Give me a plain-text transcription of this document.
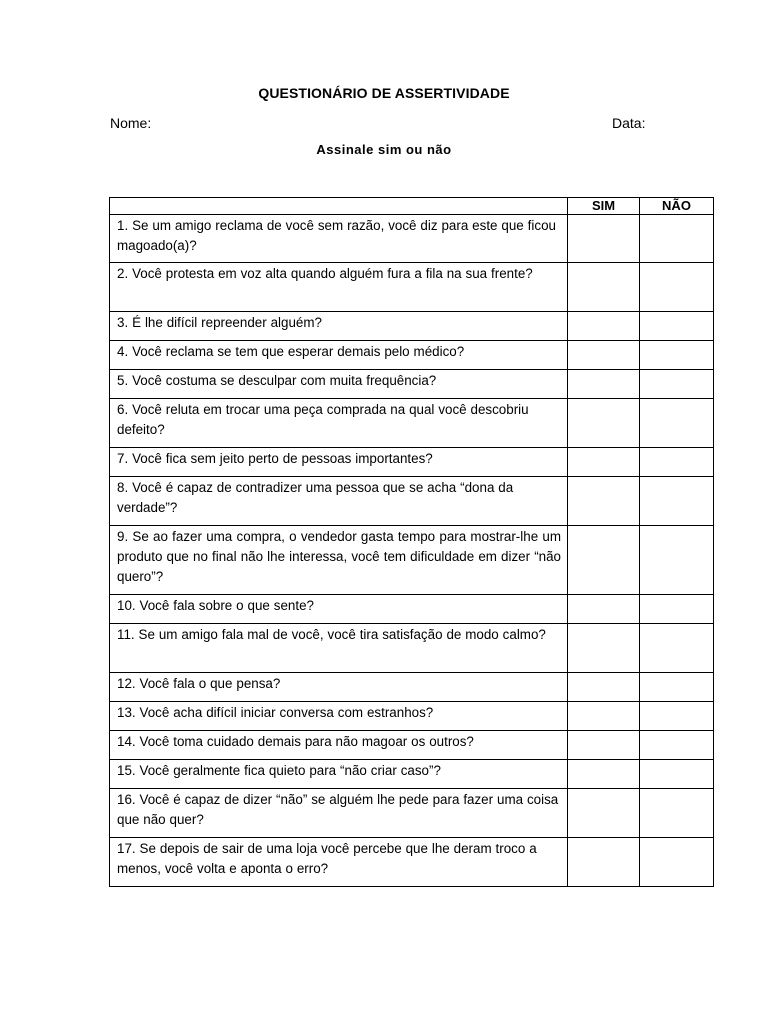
QUESTIONÁRIO DE ASSERTIVIDADE
Nome:	Data:
Assinale sim ou não
	SIM	NÃO

1. Se um amigo reclama de você sem razão, você diz para este que ficou magoado(a)?		

2. Você protesta em voz alta quando alguém fura a fila na sua frente?		

3. É lhe difícil repreender alguém?		

4. Você reclama se tem que esperar demais pelo médico?		

5. Você costuma se desculpar com muita frequência?		

6. Você reluta em trocar uma peça comprada na qual você descobriu defeito?		

7. Você fica sem jeito perto de pessoas importantes?		

8. Você é capaz de contradizer uma pessoa que se acha “dona da verdade”?		

9. Se ao fazer uma compra, o vendedor gasta tempo para mostrar-lhe um produto que no final não lhe interessa, você tem dificuldade em dizer “não quero”?		

10. Você fala sobre o que sente?		

11. Se um amigo fala mal de você, você tira satisfação de modo calmo?		

12. Você fala o que pensa?		

13. Você acha difícil iniciar conversa com estranhos?		

14. Você toma cuidado demais para não magoar os outros?		

15. Você geralmente fica quieto para “não criar caso”?		

16. Você é capaz de dizer “não” se alguém lhe pede para fazer uma coisa que não quer?		

17. Se depois de sair de uma loja você percebe que lhe deram troco a menos, você volta e aponta o erro?		
